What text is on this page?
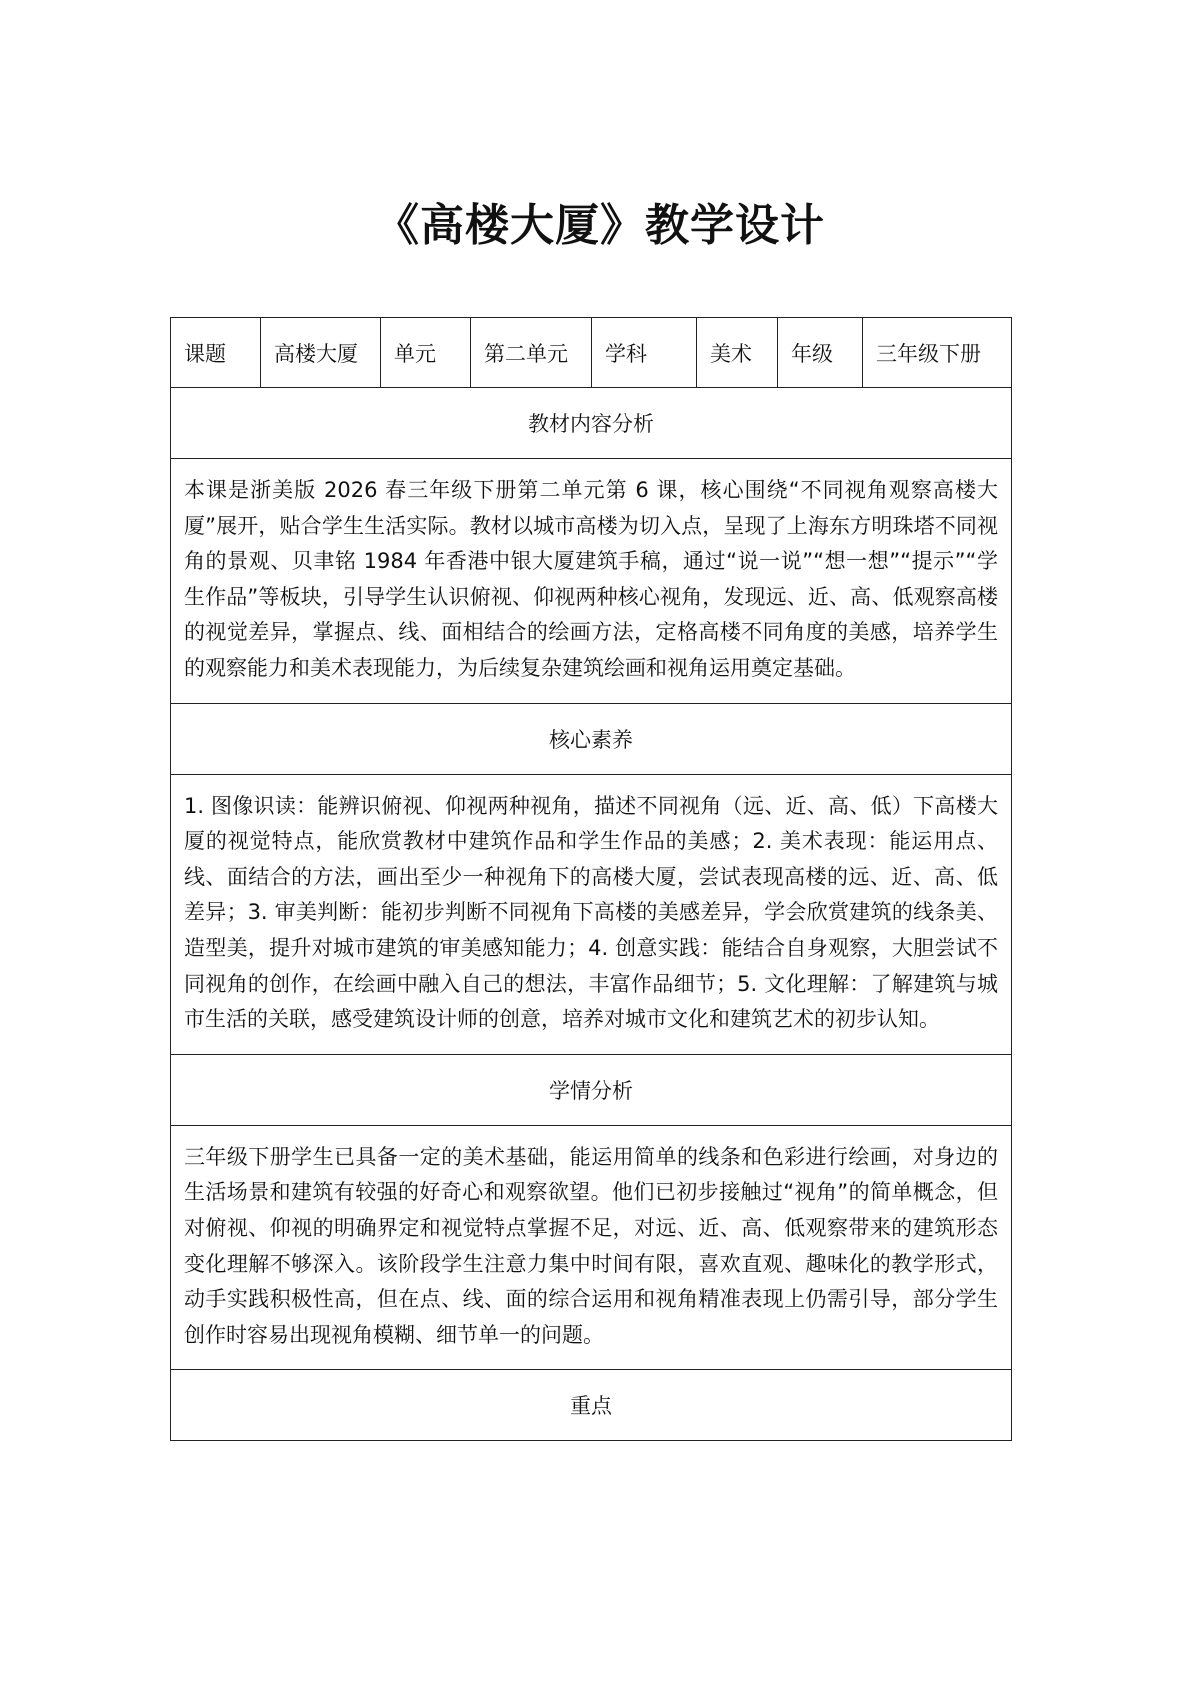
《高楼大厦》教学设计
课题	高楼大厦	单元	第二单元	学科	美术	年级	三年级下册
教材内容分析
本课是浙美版 2026 春三年级下册第二单元第 6 课，核心围绕“不同视角观察高楼大厦”展开，贴合学生生活实际。教材以城市高楼为切入点，呈现了上海东方明珠塔不同视角的景观、贝聿铭 1984 年香港中银大厦建筑手稿，通过“说一说”“想一想”“提示”“学生作品”等板块，引导学生认识俯视、仰视两种核心视角，发现远、近、高、低观察高楼的视觉差异，掌握点、线、面相结合的绘画方法，定格高楼不同角度的美感，培养学生的观察能力和美术表现能力，为后续复杂建筑绘画和视角运用奠定基础。
核心素养
1. 图像识读：能辨识俯视、仰视两种视角，描述不同视角（远、近、高、低）下高楼大厦的视觉特点，能欣赏教材中建筑作品和学生作品的美感；2. 美术表现：能运用点、线、面结合的方法，画出至少一种视角下的高楼大厦，尝试表现高楼的远、近、高、低差异；3. 审美判断：能初步判断不同视角下高楼的美感差异，学会欣赏建筑的线条美、造型美，提升对城市建筑的审美感知能力；4. 创意实践：能结合自身观察，大胆尝试不同视角的创作，在绘画中融入自己的想法，丰富作品细节；5. 文化理解：了解建筑与城市生活的关联，感受建筑设计师的创意，培养对城市文化和建筑艺术的初步认知。
学情分析
三年级下册学生已具备一定的美术基础，能运用简单的线条和色彩进行绘画，对身边的生活场景和建筑有较强的好奇心和观察欲望。他们已初步接触过“视角”的简单概念，但对俯视、仰视的明确界定和视觉特点掌握不足，对远、近、高、低观察带来的建筑形态变化理解不够深入。该阶段学生注意力集中时间有限，喜欢直观、趣味化的教学形式，动手实践积极性高，但在点、线、面的综合运用和视角精准表现上仍需引导，部分学生创作时容易出现视角模糊、细节单一的问题。
重点
